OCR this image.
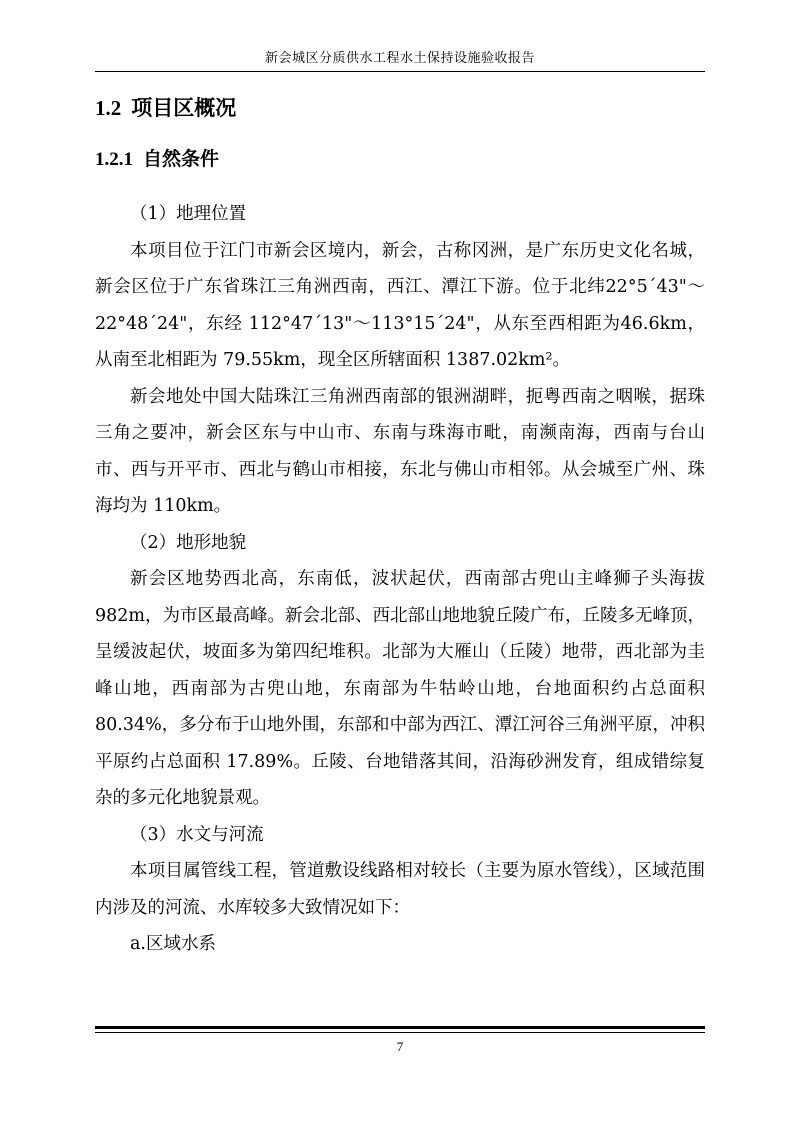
新会城区分质供水工程水土保持设施验收报告
1.2 项目区概况
1.2.1 自然条件

（1）地理位置

本项目位于江门市新会区境内，新会，古称冈洲，是广东历史文化名城，新会区位于广东省珠江三角洲西南，西江、潭江下游。位于北纬22°5´43"～22°48´24"，东经 112°47´13"～113°15´24"，从东至西相距为46.6km，从南至北相距为 79.55km，现全区所辖面积 1387.02km²。

新会地处中国大陆珠江三角洲西南部的银洲湖畔，扼粤西南之咽喉，据珠三角之要冲，新会区东与中山市、东南与珠海市毗，南濒南海，西南与台山市、西与开平市、西北与鹤山市相接，东北与佛山市相邻。从会城至广州、珠海均为 110km。

（2）地形地貌

新会区地势西北高，东南低，波状起伏，西南部古兜山主峰狮子头海拔 982m，为市区最高峰。新会北部、西北部山地地貌丘陵广布，丘陵多无峰顶，呈缓波起伏，坡面多为第四纪堆积。北部为大雁山（丘陵）地带，西北部为圭峰山地，西南部为古兜山地，东南部为牛牯岭山地，台地面积约占总面积 80.34%，多分布于山地外围，东部和中部为西江、潭江河谷三角洲平原，冲积平原约占总面积 17.89%。丘陵、台地错落其间，沿海砂洲发育，组成错综复杂的多元化地貌景观。

（3）水文与河流

本项目属管线工程，管道敷设线路相对较长（主要为原水管线），区域范围内涉及的河流、水库较多大致情况如下：

a.区域水系

7
